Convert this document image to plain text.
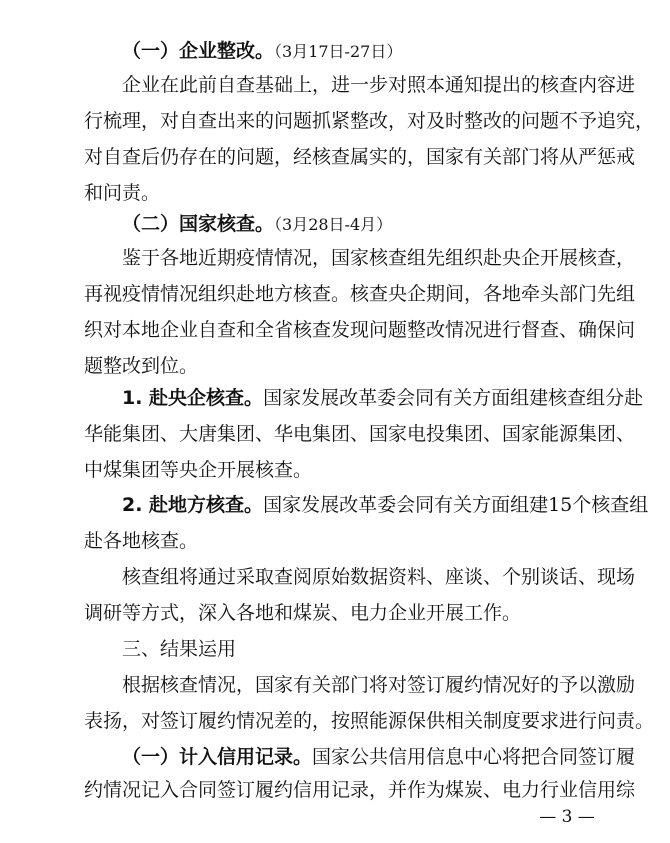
（一）企业整改。（3月17日-27日）
企业在此前自查基础上，进一步对照本通知提出的核查内容进
行梳理，对自查出来的问题抓紧整改，对及时整改的问题不予追究，
对自查后仍存在的问题，经核查属实的，国家有关部门将从严惩戒
和问责。
（二）国家核查。（3月28日-4月）
鉴于各地近期疫情情况，国家核查组先组织赴央企开展核查，
再视疫情情况组织赴地方核查。核查央企期间，各地牵头部门先组
织对本地企业自查和全省核查发现问题整改情况进行督查、确保问
题整改到位。
1. 赴央企核查。国家发展改革委会同有关方面组建核查组分赴
华能集团、大唐集团、华电集团、国家电投集团、国家能源集团、
中煤集团等央企开展核查。
2. 赴地方核查。国家发展改革委会同有关方面组建15个核查组
赴各地核查。
核查组将通过采取查阅原始数据资料、座谈、个别谈话、现场
调研等方式，深入各地和煤炭、电力企业开展工作。
三、结果运用
根据核查情况，国家有关部门将对签订履约情况好的予以激励
表扬，对签订履约情况差的，按照能源保供相关制度要求进行问责。
（一）计入信用记录。国家公共信用信息中心将把合同签订履
约情况记入合同签订履约信用记录，并作为煤炭、电力行业信用综
— 3 —
